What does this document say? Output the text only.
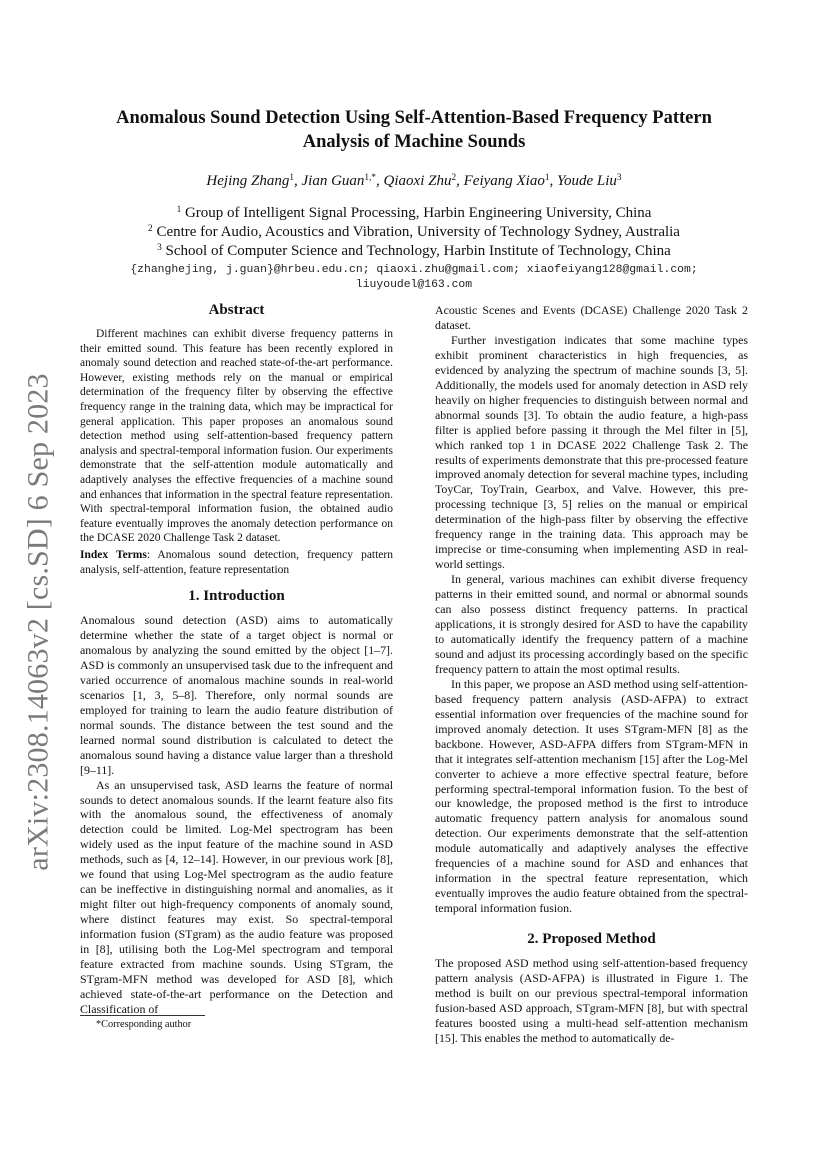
arXiv:2308.14063v2 [cs.SD] 6 Sep 2023
Anomalous Sound Detection Using Self-Attention-Based Frequency Pattern Analysis of Machine Sounds
Hejing Zhang$^1$, Jian Guan$^{1,*}$, Qiaoxi Zhu$^2$, Feiyang Xiao$^1$, Youde Liu$^3$
$^1$ Group of Intelligent Signal Processing, Harbin Engineering University, China
$^2$ Centre for Audio, Acoustics and Vibration, University of Technology Sydney, Australia
$^3$ School of Computer Science and Technology, Harbin Institute of Technology, China
{zhanghejing, j.guan}@hrbeu.edu.cn; qiaoxi.zhu@gmail.com; xiaofeiyang128@gmail.com;
liuyoudel@163.com
Abstract

Different machines can exhibit diverse frequency patterns in their emitted sound. This feature has been recently explored in anomaly sound detection and reached state-of-the-art performance. However, existing methods rely on the manual or empirical determination of the frequency filter by observing the effective frequency range in the training data, which may be impractical for general application. This paper proposes an anomalous sound detection method using self-attention-based frequency pattern analysis and spectral-temporal information fusion. Our experiments demonstrate that the self-attention module automatically and adaptively analyses the effective frequencies of a machine sound and enhances that information in the spectral feature representation. With spectral-temporal information fusion, the obtained audio feature eventually improves the anomaly detection performance on the DCASE 2020 Challenge Task 2 dataset.

Index Terms: Anomalous sound detection, frequency pattern analysis, self-attention, feature representation

1. Introduction

Anomalous sound detection (ASD) aims to automatically determine whether the state of a target object is normal or anomalous by analyzing the sound emitted by the object [1–7]. ASD is commonly an unsupervised task due to the infrequent and varied occurrence of anomalous machine sounds in real-world scenarios [1, 3, 5–8]. Therefore, only normal sounds are employed for training to learn the audio feature distribution of normal sounds. The distance between the test sound and the learned normal sound distribution is calculated to detect the anomalous sound having a distance value larger than a threshold [9–11].

As an unsupervised task, ASD learns the feature of normal sounds to detect anomalous sounds. If the learnt feature also fits with the anomalous sound, the effectiveness of anomaly detection could be limited. Log-Mel spectrogram has been widely used as the input feature of the machine sound in ASD methods, such as [4, 12–14]. However, in our previous work [8], we found that using Log-Mel spectrogram as the audio feature can be ineffective in distinguishing normal and anomalies, as it might filter out high-frequency components of anomaly sound, where distinct features may exist. So spectral-temporal information fusion (STgram) as the audio feature was proposed in [8], utilising both the Log-Mel spectrogram and temporal feature extracted from machine sounds. Using STgram, the STgram-MFN method was developed for ASD [8], which achieved state-of-the-art performance on the Detection and Classification of

Acoustic Scenes and Events (DCASE) Challenge 2020 Task 2 dataset.

Further investigation indicates that some machine types exhibit prominent characteristics in high frequencies, as evidenced by analyzing the spectrum of machine sounds [3, 5]. Additionally, the models used for anomaly detection in ASD rely heavily on higher frequencies to distinguish between normal and abnormal sounds [3]. To obtain the audio feature, a high-pass filter is applied before passing it through the Mel filter in [5], which ranked top 1 in DCASE 2022 Challenge Task 2. The results of experiments demonstrate that this pre-processed feature improved anomaly detection for several machine types, including ToyCar, ToyTrain, Gearbox, and Valve. However, this pre-processing technique [3, 5] relies on the manual or empirical determination of the high-pass filter by observing the effective frequency range in the training data. This approach may be imprecise or time-consuming when implementing ASD in real-world settings.

In general, various machines can exhibit diverse frequency patterns in their emitted sound, and normal or abnormal sounds can also possess distinct frequency patterns. In practical applications, it is strongly desired for ASD to have the capability to automatically identify the frequency pattern of a machine sound and adjust its processing accordingly based on the specific frequency pattern to attain the most optimal results.

In this paper, we propose an ASD method using self-attention-based frequency pattern analysis (ASD-AFPA) to extract essential information over frequencies of the machine sound for improved anomaly detection. It uses STgram-MFN [8] as the backbone. However, ASD-AFPA differs from STgram-MFN in that it integrates self-attention mechanism [15] after the Log-Mel converter to achieve a more effective spectral feature, before performing spectral-temporal information fusion. To the best of our knowledge, the proposed method is the first to introduce automatic frequency pattern analysis for anomalous sound detection. Our experiments demonstrate that the self-attention module automatically and adaptively analyses the effective frequencies of a machine sound for ASD and enhances that information in the spectral feature representation, which eventually improves the audio feature obtained from the spectral-temporal information fusion.

2. Proposed Method

The proposed ASD method using self-attention-based frequency pattern analysis (ASD-AFPA) is illustrated in Figure 1. The method is built on our previous spectral-temporal information fusion-based ASD approach, STgram-MFN [8], but with spectral features boosted using a multi-head self-attention mechanism [15]. This enables the method to automatically de-

*Corresponding author
